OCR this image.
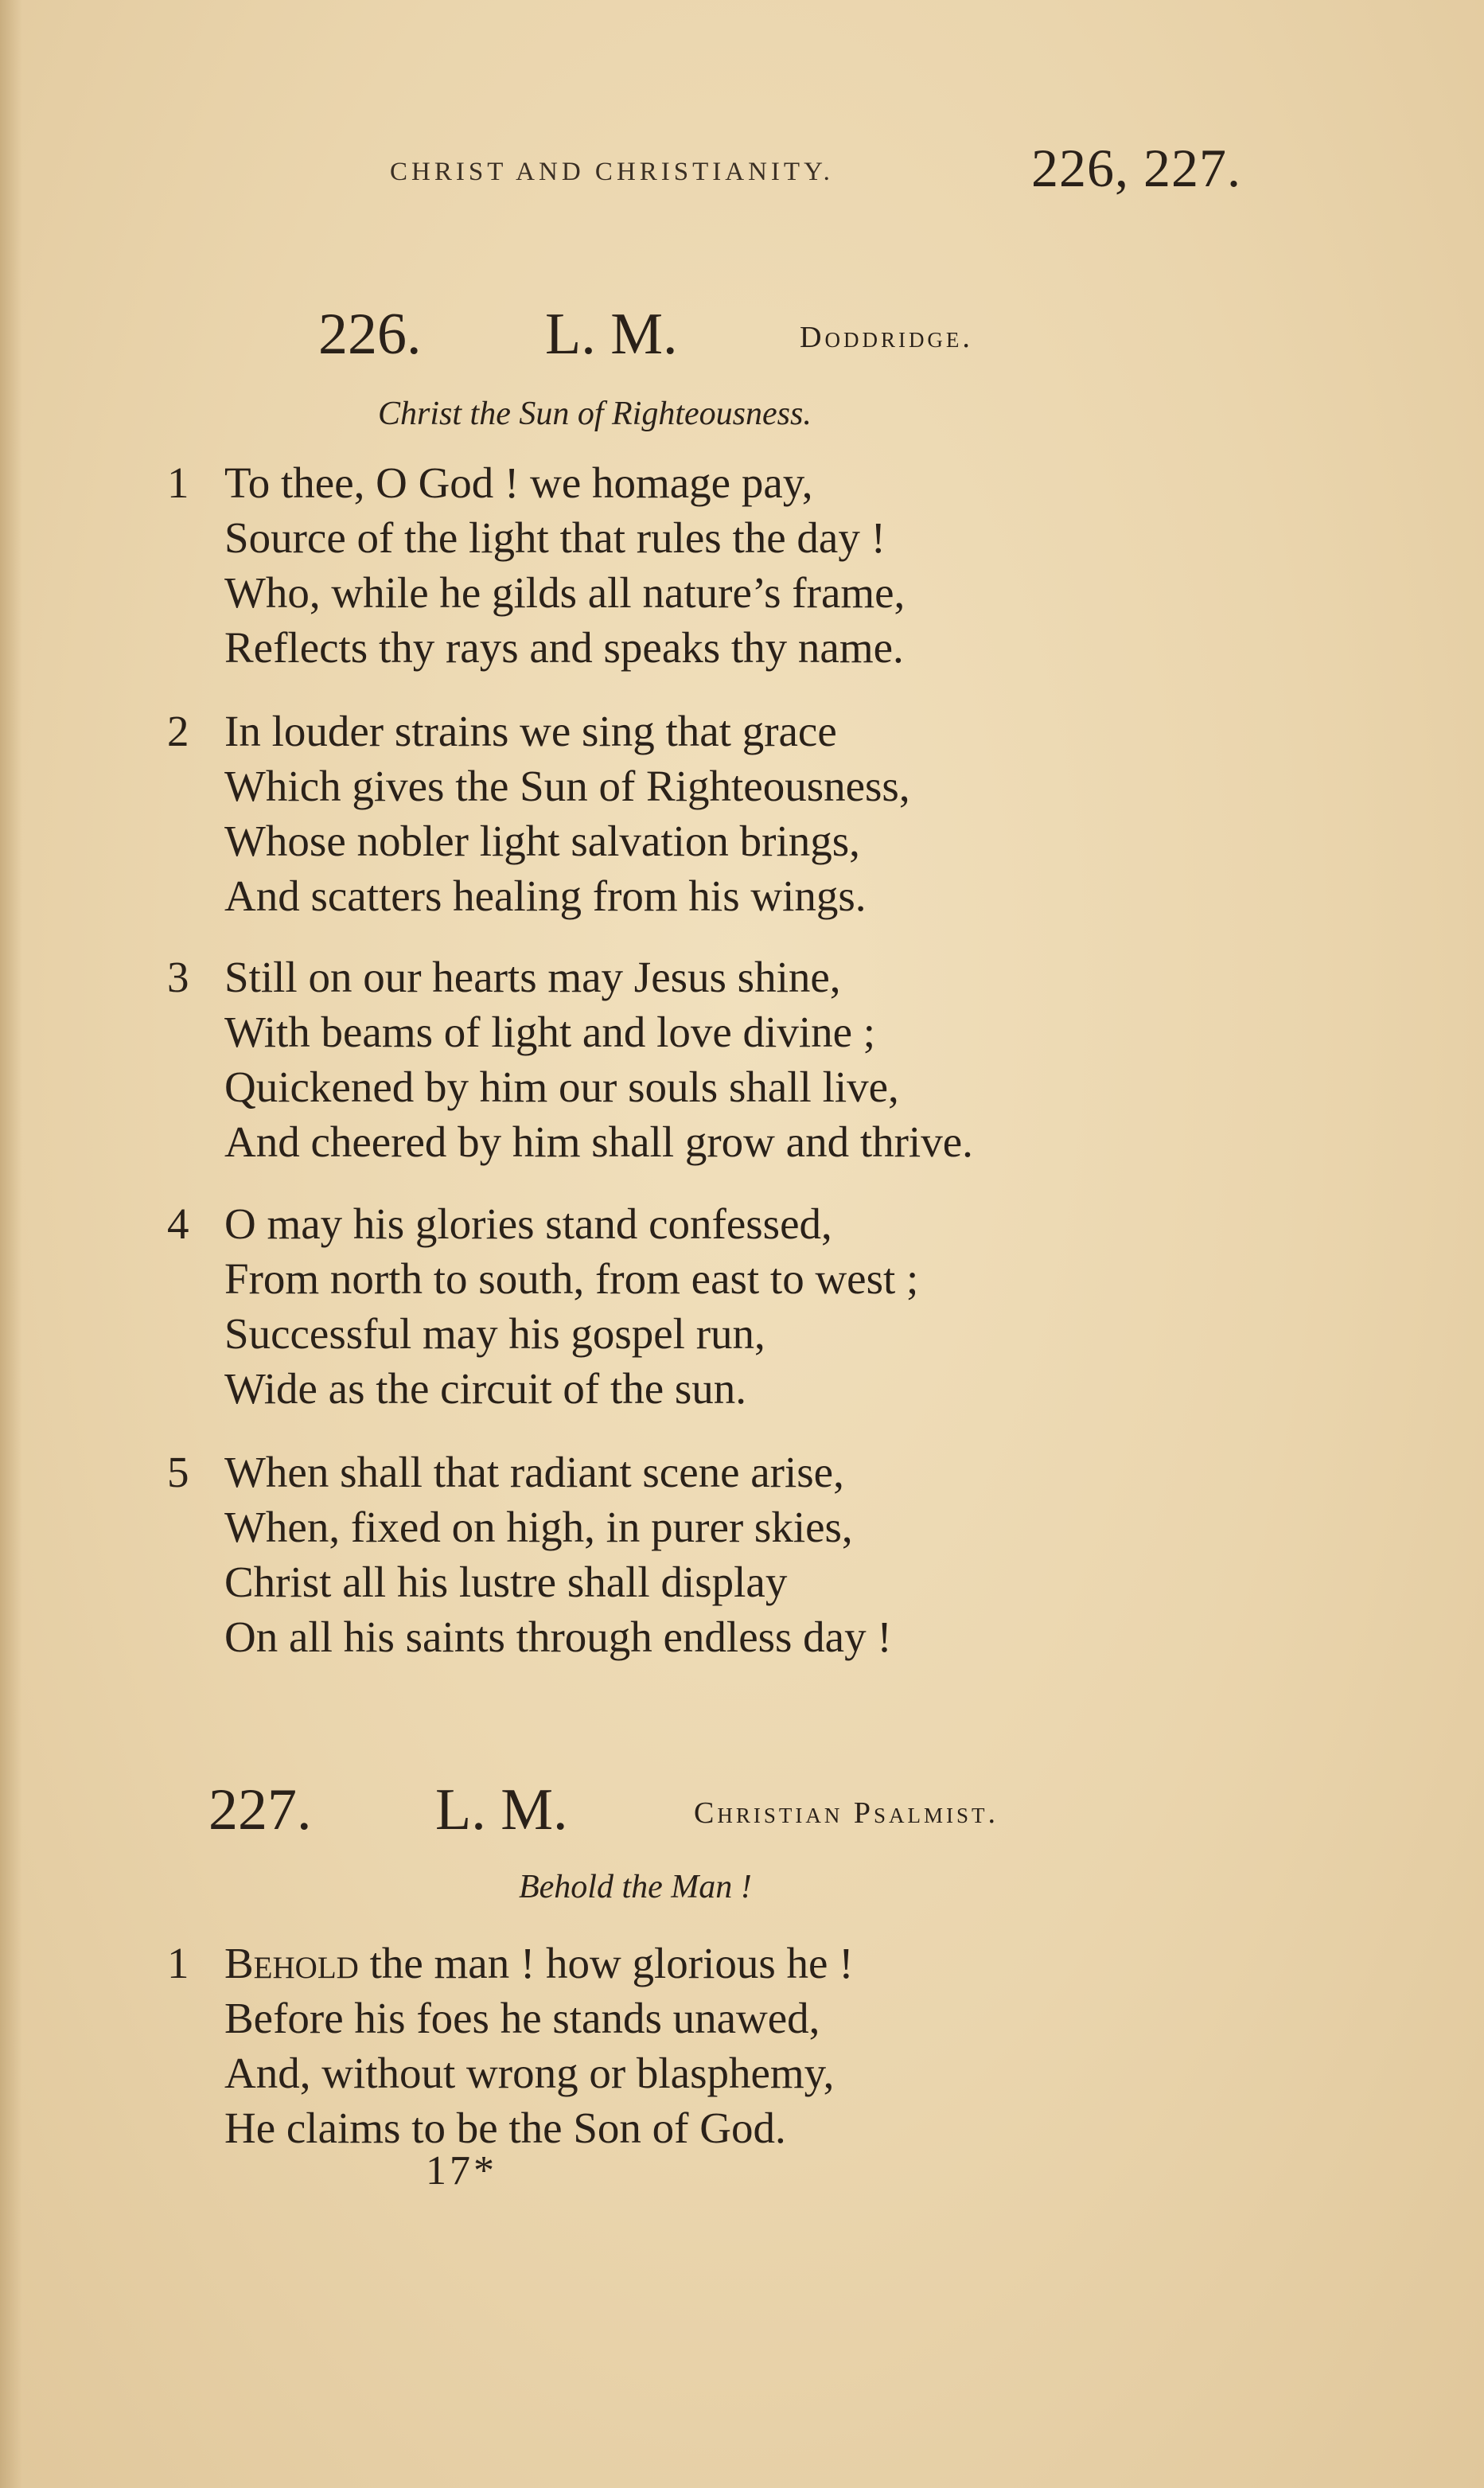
CHRIST AND CHRISTIANITY.	226, 227.
226. L. M.	Doddridge.
Christ the Sun of Righteousness.
1 To thee, O God ! we homage pay,
Source of the light that rules the day !
Who, while he gilds all nature’s frame,
Reflects thy rays and speaks thy name.
2 In louder strains we sing that grace
Which gives the Sun of Righteousness,
Whose nobler light salvation brings,
And scatters healing from his wings.
3 Still on our hearts may Jesus shine,
With beams of light and love divine ;
Quickened by him our souls shall live,
And cheered by him shall grow and thrive.
4 O may his glories stand confessed,
From north to south, from east to west ;
Successful may his gospel run,
Wide as the circuit of the sun.
5 When shall that radiant scene arise,
When, fixed on high, in purer skies,
Christ all his lustre shall display
On all his saints through endless day !
227. L. M.	Christian Psalmist.
Behold the Man !
1 Behold the man ! how glorious he !
Before his foes he stands unawed,
And, without wrong or blasphemy,
He claims to be the Son of God.
17*
